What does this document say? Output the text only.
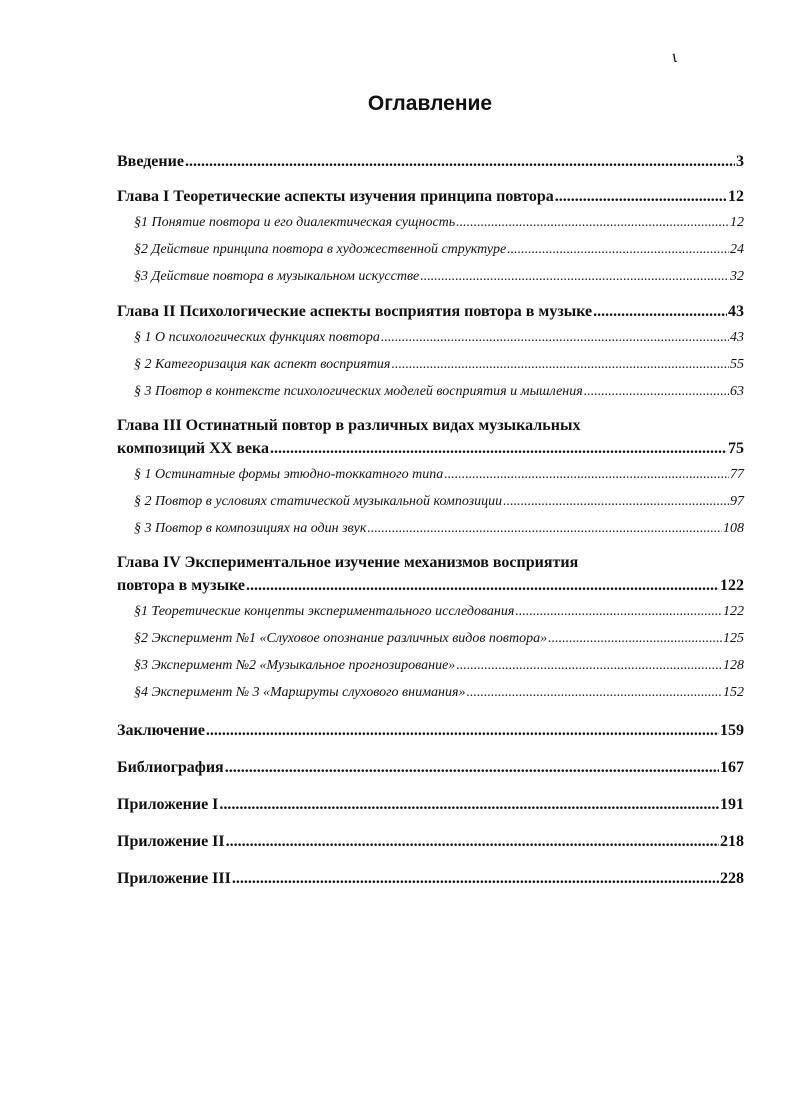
ɩ
Оглавление
Введение .....	3
Глава I Теоретические аспекты изучения принципа повтора .....	12
§1 Понятие повтора и его диалектическая сущность .....	12
§2 Действие принципа повтора в художественной структуре .....	24
§3 Действие повтора в музыкальном искусстве .....	32
Глава II Психологические аспекты восприятия повтора в музыке .....	43
§ 1 О психологических функциях повтора .....	43
§ 2 Категоризация как аспект восприятия .....	55
§ 3 Повтор в контексте психологических моделей восприятия и мышления .....	63
Глава III Остинатный повтор в различных видах музыкальных
композиций XX века .....	75
§ 1 Остинатные формы этюдно-токкатного типа .....	77
§ 2 Повтор в условиях статической музыкальной композиции .....	97
§ 3 Повтор в композициях на один звук .....	108
Глава IV Экспериментальное изучение механизмов восприятия
повтора в музыке .....	122
§1 Теоретические концепты экспериментального исследования .....	122
§2 Эксперимент №1 «Слуховое опознание различных видов повтора» .....	125
§3 Эксперимент №2 «Музыкальное прогнозирование» .....	128
§4 Эксперимент № 3 «Маршруты слухового внимания» .....	152
Заключение .....	159
Библиография .....	167
Приложение I .....	191
Приложение II .....	218
Приложение III .....	228
